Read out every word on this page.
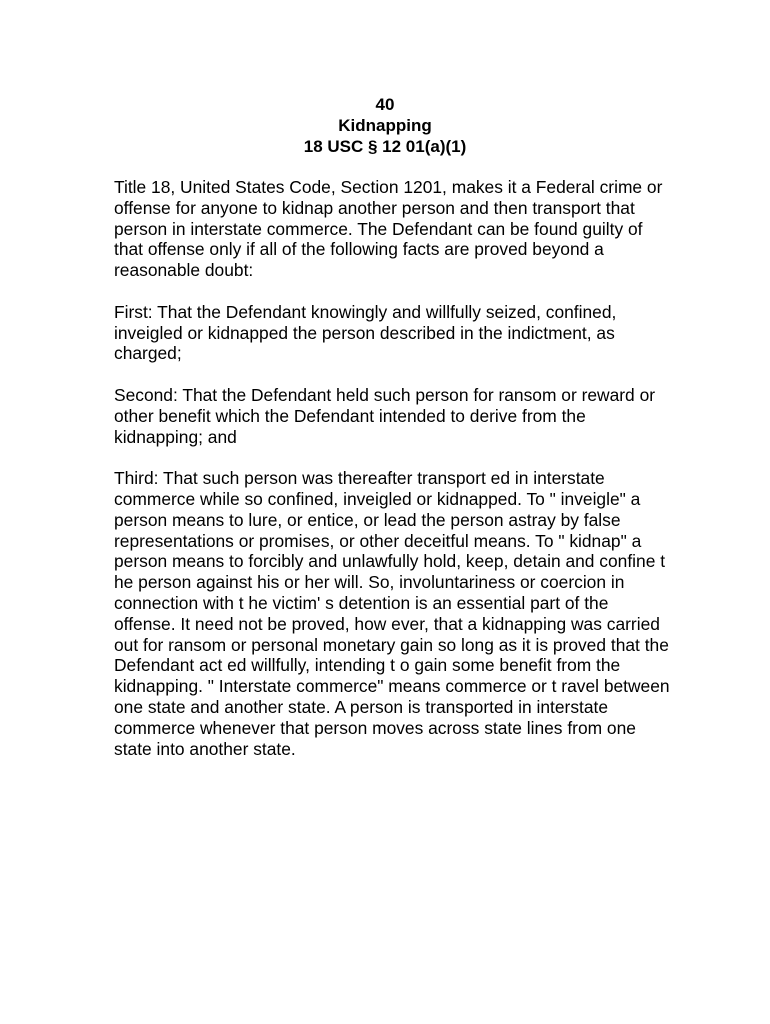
40
Kidnapping
18 USC § 12 01(a)(1)

Title 18, United States Code, Section 1201, makes it a Federal crime or offense for anyone to kidnap another person and then transport that person in interstate commerce. The Defendant can be found guilty of that offense only if all of the following facts are proved beyond a reasonable doubt:

First: That the Defendant knowingly and willfully seized, confined, inveigled or kidnapped the person described in the indictment, as charged;

Second: That the Defendant held such person for ransom or reward or other benefit which the Defendant intended to derive from the kidnapping; and

Third: That such person was thereafter transport ed in interstate commerce while so confined, inveigled or kidnapped. To " inveigle" a person means to lure, or entice, or lead the person astray by false representations or promises, or other deceitful means. To " kidnap" a person means to forcibly and unlawfully hold, keep, detain and confine t he person against his or her will. So, involuntariness or coercion in connection with t he victim' s detention is an essential part of the offense. It need not be proved, how ever, that a kidnapping was carried out for ransom or personal monetary gain so long as it is proved that the Defendant act ed willfully, intending t o gain some benefit from the kidnapping. " Interstate commerce" means commerce or t ravel between one state and another state. A person is transported in interstate commerce whenever that person moves across state lines from one state into another state.
